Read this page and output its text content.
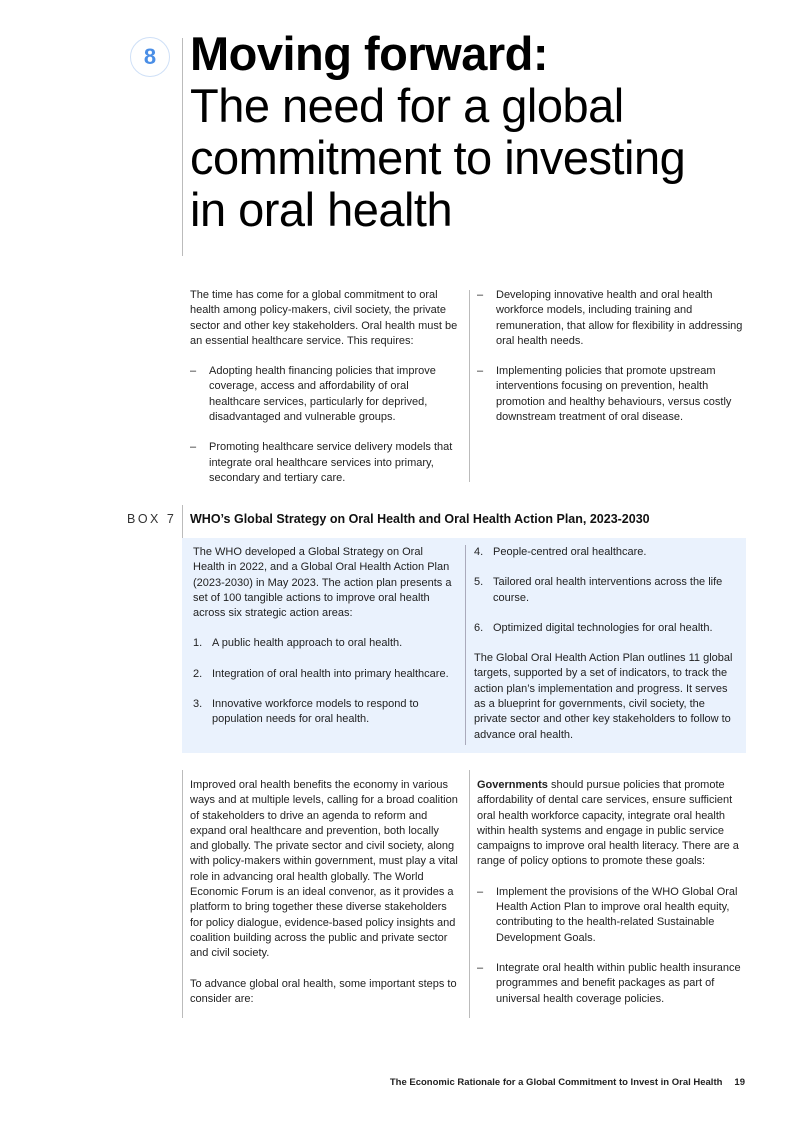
8 Moving forward:
The need for a global
commitment to investing
in oral health

The time has come for a global commitment to oral health among policy-makers, civil society, the private sector and other key stakeholders. Oral health must be an essential healthcare service. This requires:

– Adopting health financing policies that improve coverage, access and affordability of oral healthcare services, particularly for deprived, disadvantaged and vulnerable groups.
– Promoting healthcare service delivery models that integrate oral healthcare services into primary, secondary and tertiary care.
– Developing innovative health and oral health workforce models, including training and remuneration, that allow for flexibility in addressing oral health needs.
– Implementing policies that promote upstream interventions focusing on prevention, health promotion and healthy behaviours, versus costly downstream treatment of oral disease.
BOX 7 WHO’s Global Strategy on Oral Health and Oral Health Action Plan, 2023-2030

The WHO developed a Global Strategy on Oral Health in 2022, and a Global Oral Health Action Plan (2023-2030) in May 2023. The action plan presents a set of 100 tangible actions to improve oral health across six strategic action areas:

1. A public health approach to oral health.
2. Integration of oral health into primary healthcare.
3. Innovative workforce models to respond to population needs for oral health.
4. People-centred oral healthcare.
5. Tailored oral health interventions across the life course.
6. Optimized digital technologies for oral health.

The Global Oral Health Action Plan outlines 11 global targets, supported by a set of indicators, to track the action plan’s implementation and progress. It serves as a blueprint for governments, civil society, the private sector and other key stakeholders to follow to advance oral health.

Improved oral health benefits the economy in various ways and at multiple levels, calling for a broad coalition of stakeholders to drive an agenda to reform and expand oral healthcare and prevention, both locally and globally. The private sector and civil society, along with policy-makers within government, must play a vital role in advancing oral health globally. The World Economic Forum is an ideal convenor, as it provides a platform to bring together these diverse stakeholders for policy dialogue, evidence-based policy insights and coalition building across the public and private sector and civil society.

To advance global oral health, some important steps to consider are:

Governments should pursue policies that promote affordability of dental care services, ensure sufficient oral health workforce capacity, integrate oral health within health systems and engage in public service campaigns to improve oral health literacy. There are a range of policy options to promote these goals:

– Implement the provisions of the WHO Global Oral Health Action Plan to improve oral health equity, contributing to the health-related Sustainable Development Goals.
– Integrate oral health within public health insurance programmes and benefit packages as part of universal health coverage policies.
The Economic Rationale for a Global Commitment to Invest in Oral Health 19
